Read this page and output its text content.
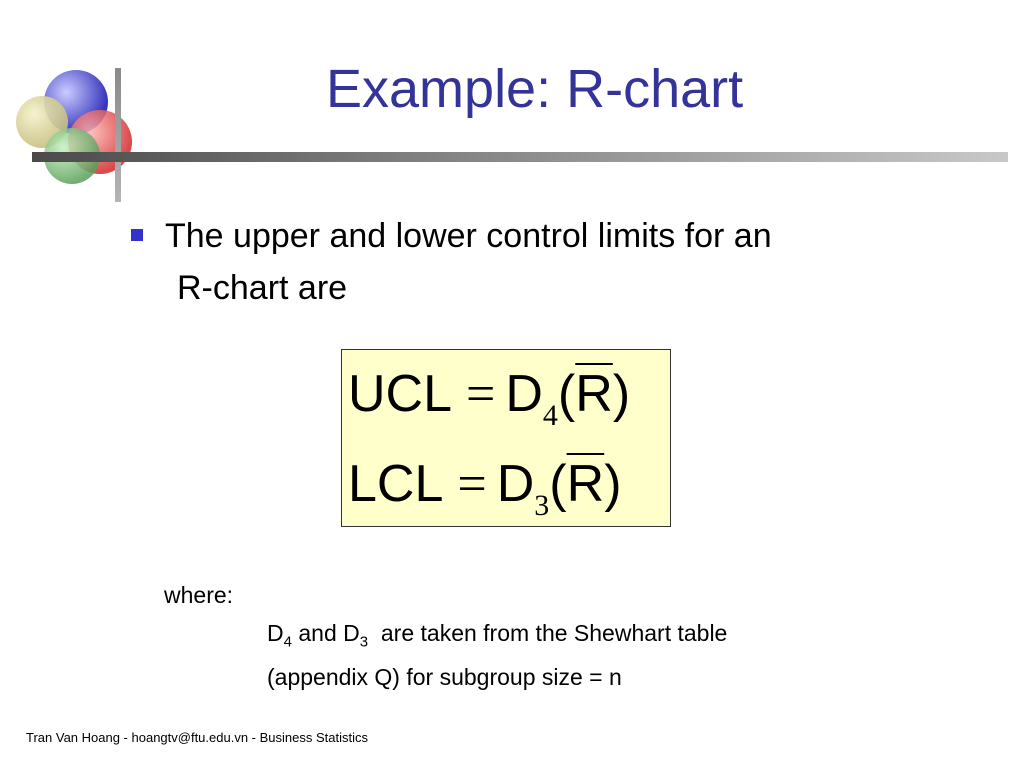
Example: R-chart
The upper and lower control limits for an
R-chart are
UCL = $D_4(\overline{R})$
LCL = $D_3(\overline{R})$
where:
$D_4$ and $D_3$  are taken from the Shewhart table
(appendix Q) for subgroup size = n
Tran Van Hoang - hoangtv@ftu.edu.vn - Business Statistics
